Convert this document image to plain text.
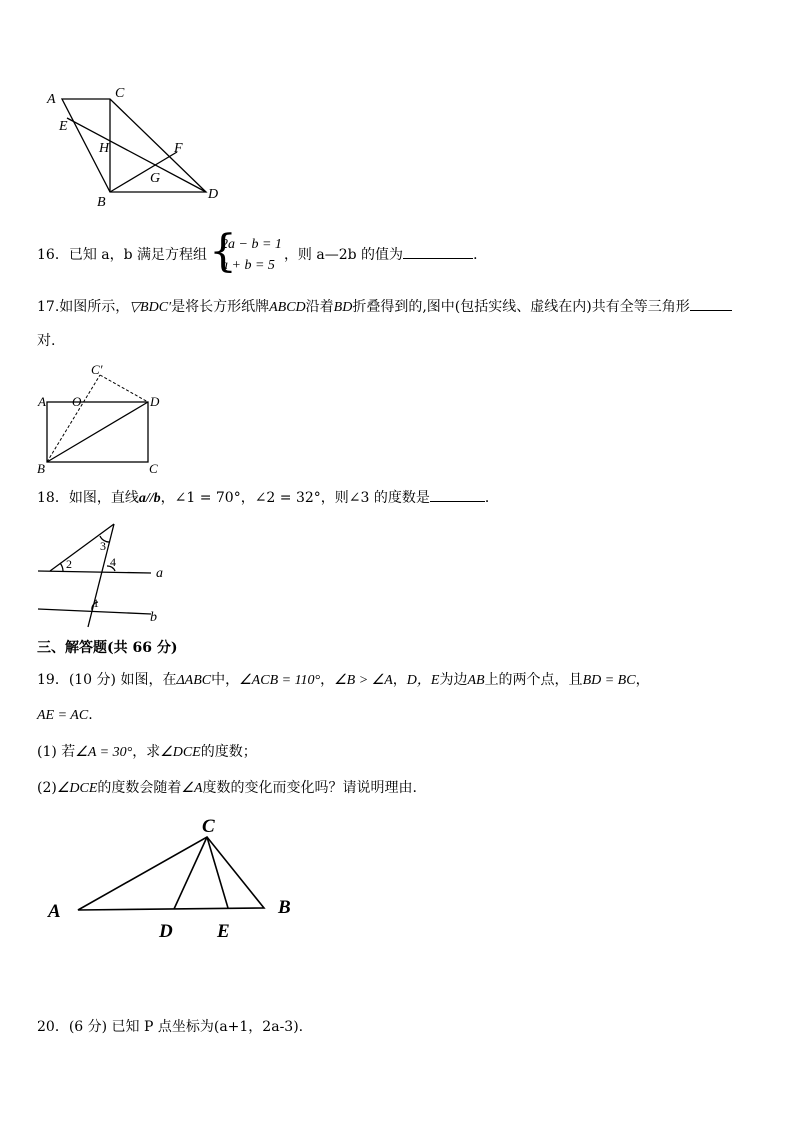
A	C
E
H	F
G
B
D
16．已知 a，b 满足方程组 {
2a − b = 1
a + b = 5
，则 a—2b 的值为	．
17.如图所示，▽BDC′是将长方形纸牌ABCD沿着BD折叠得到的,图中(包括实线、虚线在内)共有全等三角形
对.
C′
A O	D
B	C
18．如图，直线a//b，∠1 = 70°，∠2 = 32°，则∠3 的度数是	．
3
2	4
1
a
b
三、解答题(共 66 分)
19．(10 分) 如图，在ΔABC中，∠ACB = 110°，∠B > ∠A，D，E为边AB上的两个点，且BD = BC，
AE = AC.
(1) 若∠A = 30°，求∠DCE的度数；
(2)∠DCE的度数会随着∠A度数的变化而变化吗？请说明理由.
C
A	B
D E
20．(6 分) 已知 P 点坐标为(a+1，2a-3).
